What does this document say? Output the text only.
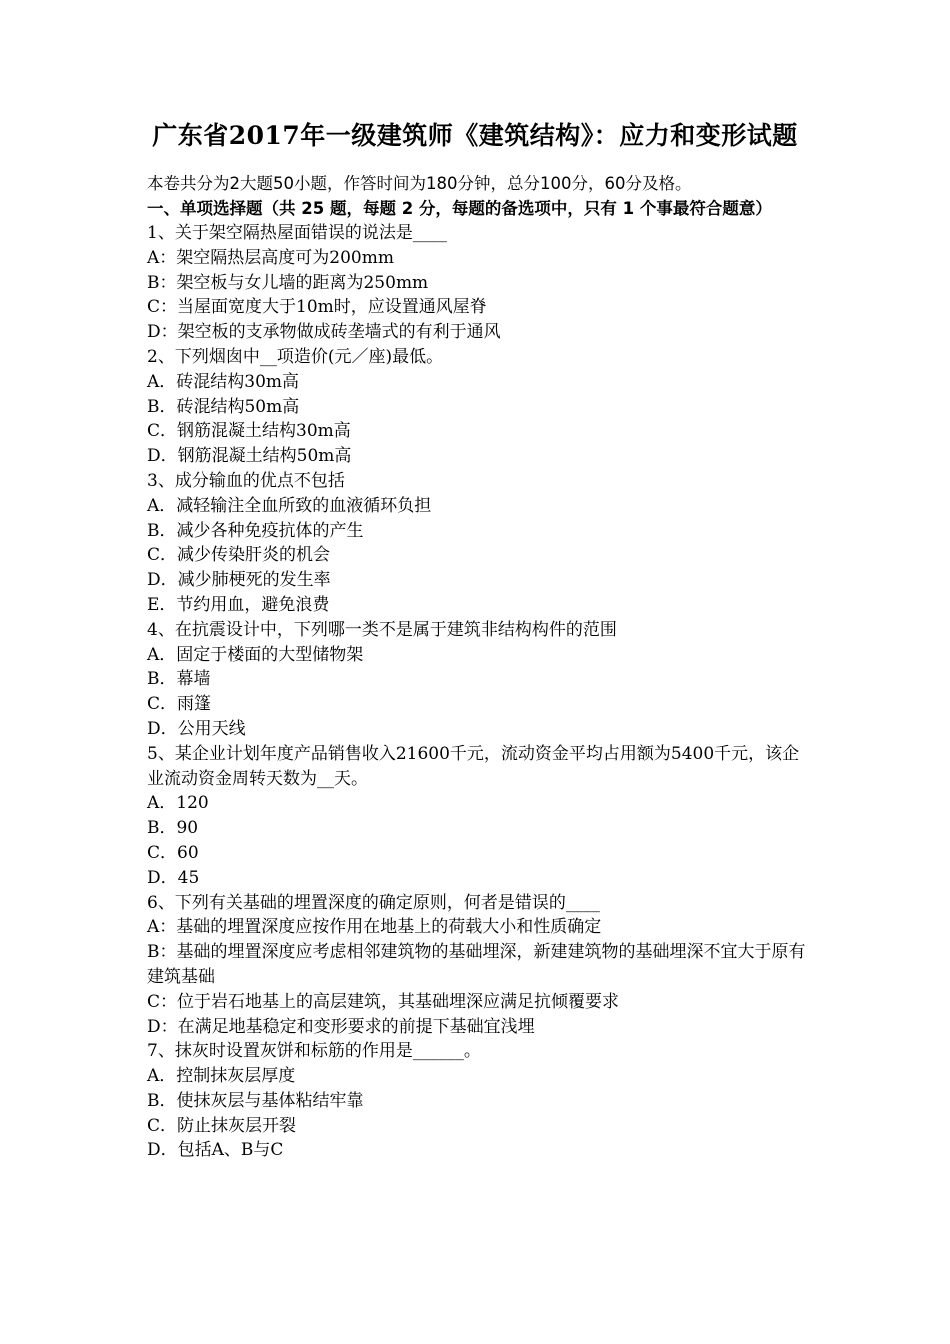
广东省2017年一级建筑师《建筑结构》：应力和变形试题
本卷共分为2大题50小题，作答时间为180分钟，总分100分，60分及格。
一、单项选择题（共 25 题，每题 2 分，每题的备选项中，只有 1 个事最符合题意）
1、关于架空隔热屋面错误的说法是____
A：架空隔热层高度可为200mm
B：架空板与女儿墙的距离为250mm
C：当屋面宽度大于10m时，应设置通风屋脊
D：架空板的支承物做成砖垄墙式的有利于通风
2、下列烟囱中__项造价(元／座)最低。
A．砖混结构30m高
B．砖混结构50m高
C．钢筋混凝土结构30m高
D．钢筋混凝土结构50m高
3、成分输血的优点不包括
A．减轻输注全血所致的血液循环负担
B．减少各种免疫抗体的产生
C．减少传染肝炎的机会
D．减少肺梗死的发生率
E．节约用血，避免浪费
4、在抗震设计中，下列哪一类不是属于建筑非结构构件的范围
A．固定于楼面的大型储物架
B．幕墙
C．雨篷
D．公用天线
5、某企业计划年度产品销售收入21600千元，流动资金平均占用额为5400千元，该企业流动资金周转天数为__天。
A．120
B．90
C．60
D．45
6、下列有关基础的埋置深度的确定原则，何者是错误的____
A：基础的埋置深度应按作用在地基上的荷载大小和性质确定
B：基础的埋置深度应考虑相邻建筑物的基础埋深，新建建筑物的基础埋深不宜大于原有建筑基础
C：位于岩石地基上的高层建筑，其基础埋深应满足抗倾覆要求
D：在满足地基稳定和变形要求的前提下基础宜浅埋
7、抹灰时设置灰饼和标筋的作用是______。
A．控制抹灰层厚度
B．使抹灰层与基体粘结牢靠
C．防止抹灰层开裂
D．包括A、B与C
